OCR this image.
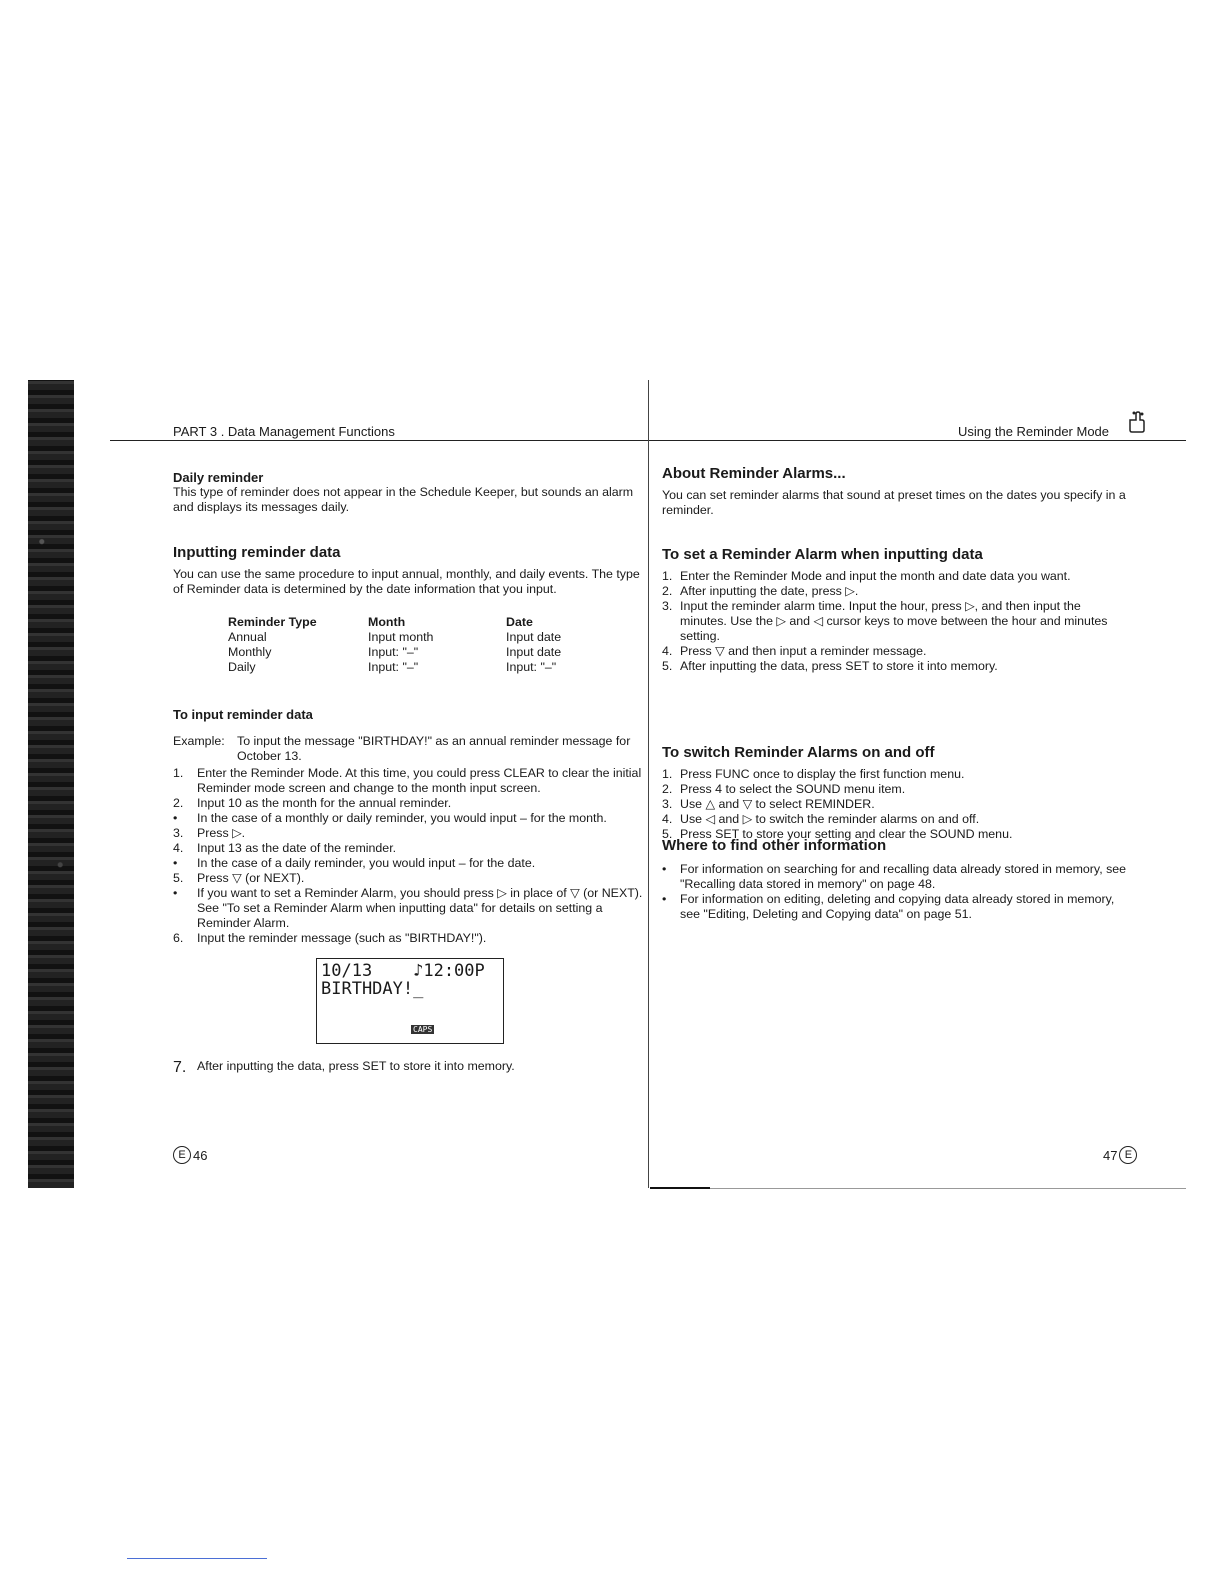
PART 3 . Data Management Functions	Using the Reminder Mode
Daily reminder

This type of reminder does not appear in the Schedule Keeper, but sounds an alarm and displays its messages daily.

Inputting reminder data

You can use the same procedure to input annual, monthly, and daily events. The type of Reminder data is determined by the date information that you input.

Reminder Type	Month	Date
Annual	Input month	Input date
Monthly	Input: "–"	Input date
Daily	Input: "–"	Input: "–"
To input reminder data

Example: To input the message "BIRTHDAY!" as an annual reminder message for October 13.

1.	Enter the Reminder Mode. At this time, you could press CLEAR to clear the initial Reminder mode screen and change to the month input screen.
2.	Input 10 as the month for the annual reminder.
•	In the case of a monthly or daily reminder, you would input – for the month.
3.	Press ▷.
4.	Input 13 as the date of the reminder.
•	In the case of a daily reminder, you would input – for the date.
5.	Press ▽ (or NEXT).
•	If you want to set a Reminder Alarm, you should press ▷ in place of ▽ (or NEXT). See "To set a Reminder Alarm when inputting data" for details on setting a Reminder Alarm.
6.	Input the reminder message (such as "BIRTHDAY!").
10/13    ♪12:00P
BIRTHDAY!_
CAPS
7. After inputting the data, press SET to store it into memory.
E 46
About Reminder Alarms...

You can set reminder alarms that sound at preset times on the dates you specify in a reminder.

To set a Reminder Alarm when inputting data
1. Enter the Reminder Mode and input the month and date data you want.
2. After inputting the date, press ▷.
3. Input the reminder alarm time. Input the hour, press ▷, and then input the minutes. Use the ▷ and ◁ cursor keys to move between the hour and minutes setting.
4. Press ▽ and then input a reminder message.
5. After inputting the data, press SET to store it into memory.
To switch Reminder Alarms on and off
1. Press FUNC once to display the first function menu.
2. Press 4 to select the SOUND menu item.
3. Use △ and ▽ to select REMINDER.
4. Use ◁ and ▷ to switch the reminder alarms on and off.
5. Press SET to store your setting and clear the SOUND menu.
Where to find other information
•	For information on searching for and recalling data already stored in memory, see "Recalling data stored in memory" on page 48.
•	For information on editing, deleting and copying data already stored in memory, see "Editing, Deleting and Copying data" on page 51.
47 E
